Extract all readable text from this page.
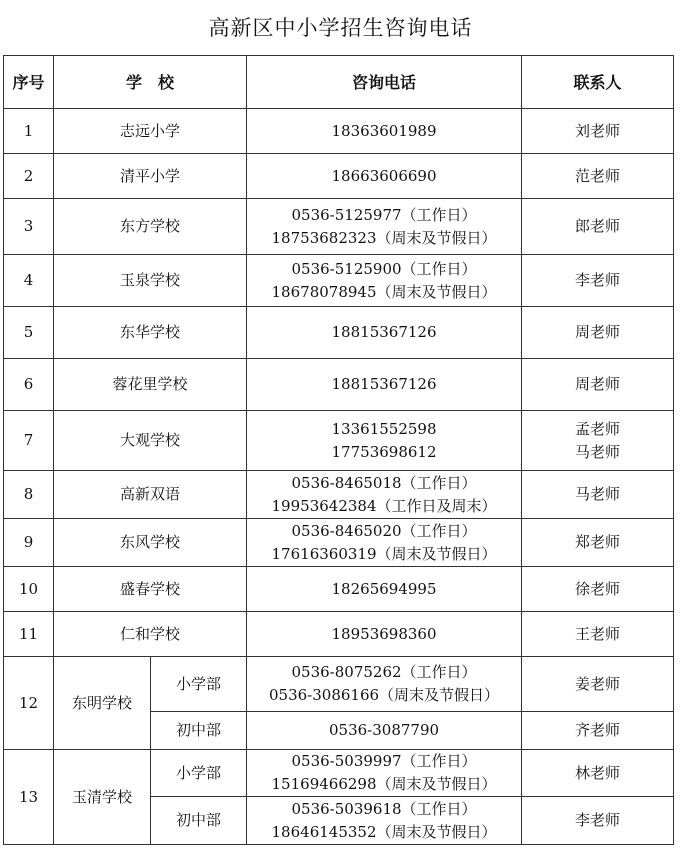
高新区中小学招生咨询电话
序号	学　校		咨询电话	联系人
1	志远小学		18363601989	刘老师

2	清平小学		18663606690	范老师

3	东方学校		0536-5125977（工作日）
18753682323（周末及节假日）	郎老师

4	玉泉学校		0536-5125900（工作日）
18678078945（周末及节假日）	李老师

5	东华学校		18815367126	周老师

6	蓉花里学校		18815367126	周老师

7	大观学校		13361552598
17753698612	孟老师
马老师

8	高新双语		0536-8465018（工作日）
19953642384（工作日及周末）	马老师

9	东风学校		0536-8465020（工作日）
17616360319（周末及节假日）	郑老师

10	盛春学校		18265694995	徐老师

11	仁和学校		18953698360	王老师

12	东明学校	小学部	0536-8075262（工作日）
0536-3086166（周末及节假日）	姜老师

		初中部	0536-3087790	齐老师

13	玉清学校	小学部	0536-5039997（工作日）
15169466298（周末及节假日）	林老师

		初中部	0536-5039618（工作日）
18646145352（周末及节假日）	李老师
